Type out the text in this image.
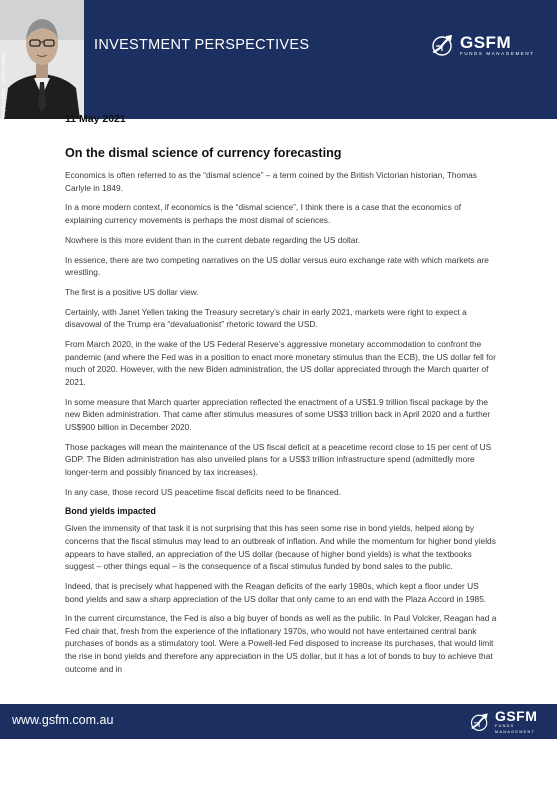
Stephen Miller – GSFM Advisor
INVESTMENT PERSPECTIVES	GSFM
FUNDS MANAGEMENT
11 May 2021
On the dismal science of currency forecasting

Economics is often referred to as the “dismal science” – a term coined by the British Victorian historian, Thomas Carlyle in 1849.

In a more modern context, if economics is the “dismal science”, I think there is a case that the economics of explaining currency movements is perhaps the most dismal of sciences.

Nowhere is this more evident than in the current debate regarding the US dollar.

In essence, there are two competing narratives on the US dollar versus euro exchange rate with which markets are wrestling.

The first is a positive US dollar view.

Certainly, with Janet Yellen taking the Treasury secretary’s chair in early 2021, markets were right to expect a disavowal of the Trump era “devaluationist” rhetoric toward the USD.

From March 2020, in the wake of the US Federal Reserve’s aggressive monetary accommodation to confront the pandemic (and where the Fed was in a position to enact more monetary stimulus than the ECB), the US dollar fell for much of 2020. However, with the new Biden administration, the US dollar appreciated through the March quarter of 2021.

In some measure that March quarter appreciation reflected the enactment of a US$1.9 trillion fiscal package by the new Biden administration. That came after stimulus measures of some US$3 trillion back in April 2020 and a further US$900 billion in December 2020.

Those packages will mean the maintenance of the US fiscal deficit at a peacetime record close to 15 per cent of US GDP. The Biden administration has also unveiled plans for a US$3 trillion infrastructure spend (admittedly more longer-term and possibly financed by tax increases).

In any case, those record US peacetime fiscal deficits need to be financed.

Bond yields impacted

Given the immensity of that task it is not surprising that this has seen some rise in bond yields, helped along by concerns that the fiscal stimulus may lead to an outbreak of inflation. And while the momentum for higher bond yields appears to have stalled, an appreciation of the US dollar (because of higher bond yields) is what the textbooks suggest – other things equal – is the consequence of a fiscal stimulus funded by bond sales to the public.

Indeed, that is precisely what happened with the Reagan deficits of the early 1980s, which kept a floor under US bond yields and saw a sharp appreciation of the US dollar that only came to an end with the Plaza Accord in 1985.

In the current circumstance, the Fed is also a big buyer of bonds as well as the public. In Paul Volcker, Reagan had a Fed chair that, fresh from the experience of the inflationary 1970s, who would not have entertained central bank purchases of bonds as a stimulatory tool. Were a Powell-led Fed disposed to increase its purchases, that would limit the rise in bond yields and therefore any appreciation in the US dollar, but it has a lot of bonds to buy to achieve that outcome and in

www.gsfm.com.au	GSFM
FUNDS MANAGEMENT
